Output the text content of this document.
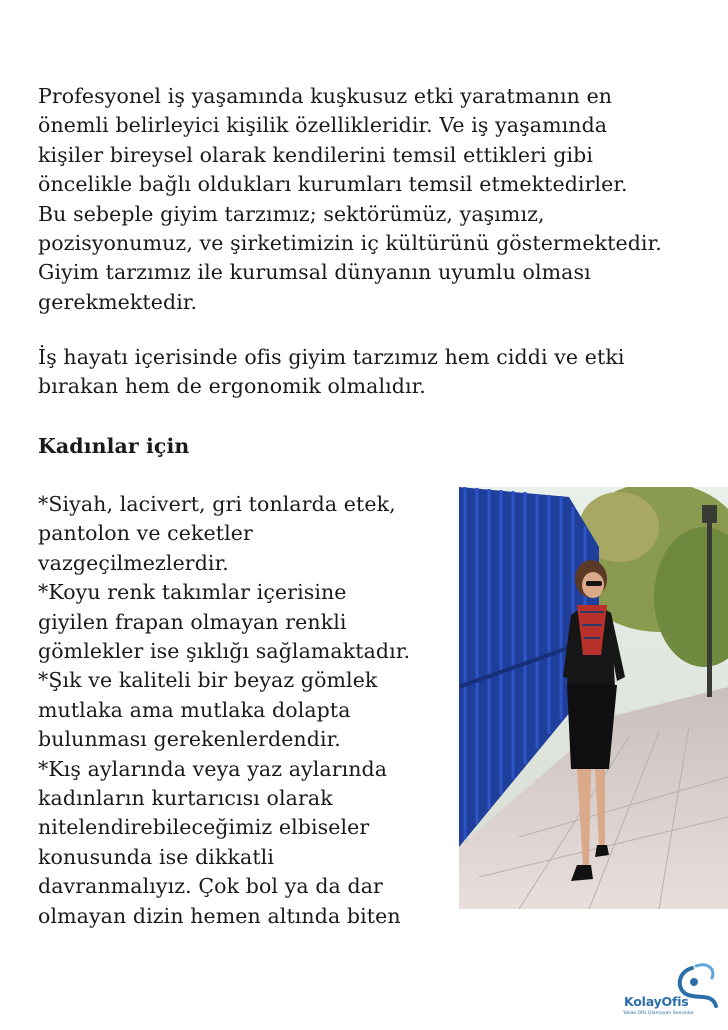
Profesyonel iş yaşamında kuşkusuz etki yaratmanın en
önemli belirleyici kişilik özellikleridir. Ve iş yaşamında
kişiler bireysel olarak kendilerini temsil ettikleri gibi
öncelikle bağlı oldukları kurumları temsil etmektedirler.
Bu sebeple giyim tarzımız; sektörümüz, yaşımız,
pozisyonumuz, ve şirketimizin iç kültürünü göstermektedir.
Giyim tarzımız ile kurumsal dünyanın uyumlu olması
gerekmektedir.
İş hayatı içerisinde ofis giyim tarzımız hem ciddi ve etki
bırakan hem de ergonomik olmalıdır.
Kadınlar için
*Siyah, lacivert, gri tonlarda etek,
pantolon ve ceketler
vazgeçilmezlerdir.
*Koyu renk takımlar içerisine
giyilen frapan olmayan renkli
gömlekler ise şıklığı sağlamaktadır.
*Şık ve kaliteli bir beyaz gömlek
mutlaka ama mutlaka dolapta
bulunması gerekenlerdendir.
*Kış aylarında veya yaz aylarında
kadınların kurtarıcısı olarak
nitelendirebileceğimiz elbiseler
konusunda ise dikkatli
davranmalıyız. Çok bol ya da dar
olmayan dizin hemen altında biten
KolayOfis
Yakak Ofis Olamayan Seesinler
